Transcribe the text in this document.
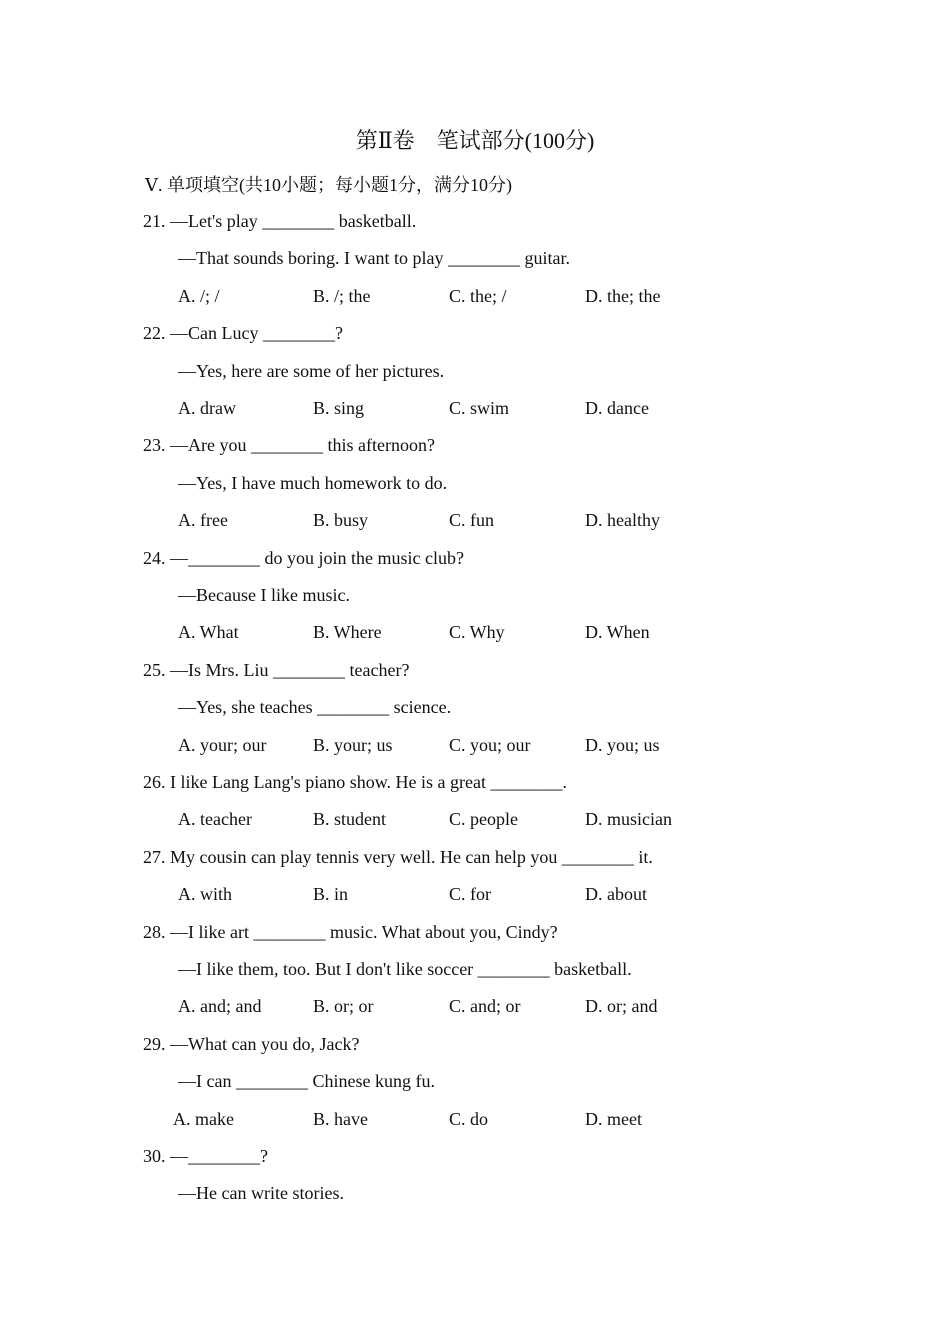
第Ⅱ卷　笔试部分(100分)
Ⅴ. 单项填空(共10小题；每小题1分，满分10分)
21. —Let's play ________ basketball.
—That sounds boring. I want to play ________ guitar.
A. /; /	B. /; the	C. the; /	D. the; the
22. —Can Lucy ________?
—Yes, here are some of her pictures.
A. draw	B. sing	C. swim	D. dance
23. —Are you ________ this afternoon?
—Yes, I have much homework to do.
A. free	B. busy	C. fun	D. healthy
24. —________ do you join the music club?
—Because I like music.
A. What	B. Where	C. Why	D. When
25. —Is Mrs. Liu ________ teacher?
—Yes, she teaches ________ science.
A. your; our	B. your; us	C. you; our	D. you; us
26. I like Lang Lang's piano show. He is a great ________.
A. teacher	B. student	C. people	D. musician
27. My cousin can play tennis very well. He can help you ________ it.
A. with	B. in	C. for	D. about
28. —I like art ________ music. What about you, Cindy?
—I like them, too. But I don't like soccer ________ basketball.
A. and; and	B. or; or	C. and; or	D. or; and
29. —What can you do, Jack?
—I can ________ Chinese kung fu.
A. make	B. have	C. do	D. meet
30. —________?
—He can write stories.
